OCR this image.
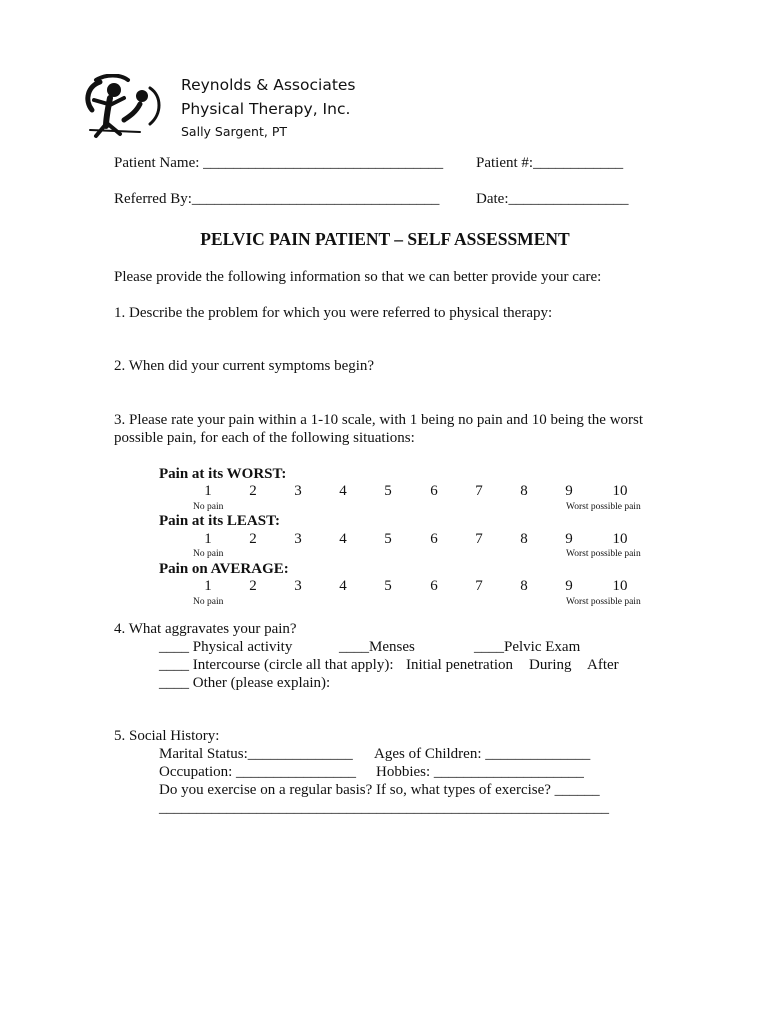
Reynolds & Associates
Physical Therapy, Inc.
Sally Sargent, PT
Patient Name: ________________________________ Patient #:____________
Referred By:_________________________________ Date:________________
PELVIC PAIN PATIENT – SELF ASSESSMENT
Please provide the following information so that we can better provide your care:
1. Describe the problem for which you were referred to physical therapy:
2. When did your current symptoms begin?
3. Please rate your pain within a 1-10 scale, with 1 being no pain and 10 being the worst
possible pain, for each of the following situations:
Pain at its WORST:
1	2	3	4	5	6	7	8	9	10
No pain	Worst possible pain
Pain at its LEAST:
1	2	3	4	5	6	7	8	9	10
No pain	Worst possible pain
Pain on AVERAGE:
1	2	3	4	5	6	7	8	9	10
No pain	Worst possible pain
4. What aggravates your pain?
____ Physical activity	____Menses	____Pelvic Exam
____ Intercourse (circle all that apply): Initial penetration During After
____ Other (please explain):
5. Social History:
Marital Status:______________ Ages of Children: ______________
Occupation: ________________ Hobbies: ____________________
Do you exercise on a regular basis? If so, what types of exercise? ______
____________________________________________________________
